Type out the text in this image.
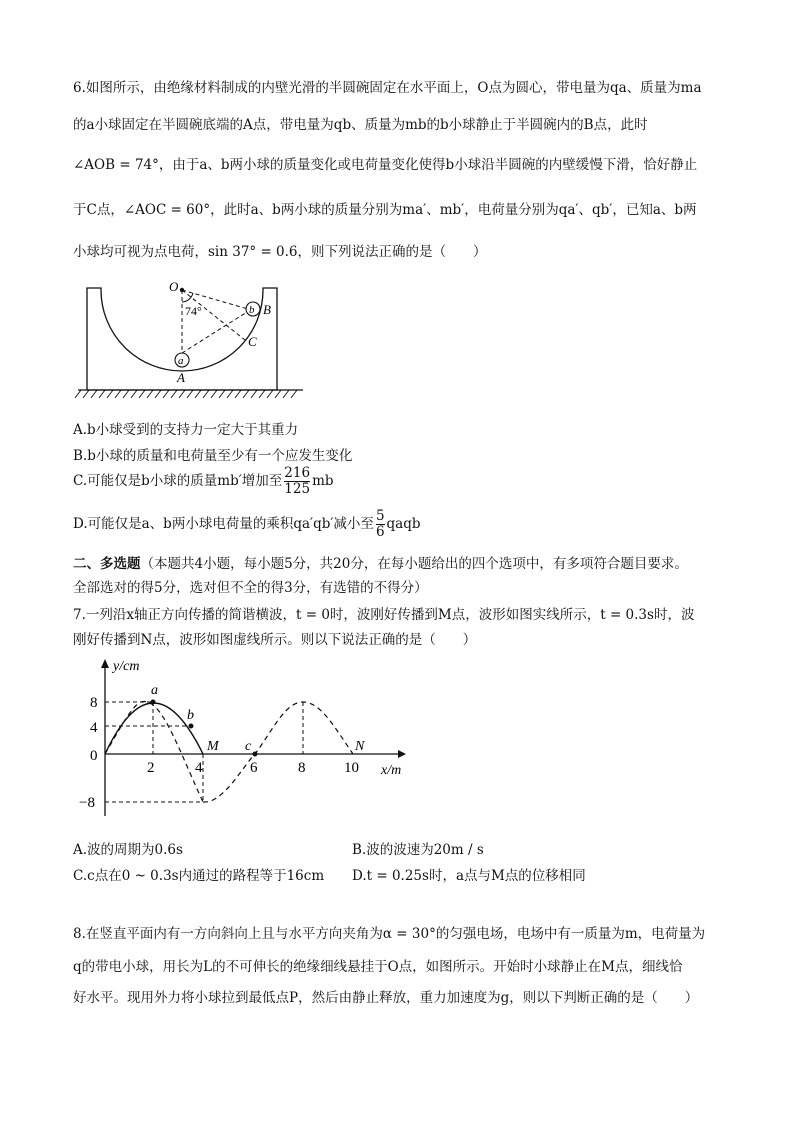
6.如图所示，由绝缘材料制成的内壁光滑的半圆碗固定在水平面上，O点为圆心，带电量为qa、质量为ma
的a小球固定在半圆碗底端的A点，带电量为qb、质量为mb的b小球静止于半圆碗内的B点，此时
∠AOB = 74°，由于a、b两小球的质量变化或电荷量变化使得b小球沿半圆碗的内壁缓慢下滑，恰好静止
于C点，∠AOC = 60°，此时a、b两小球的质量分别为ma′、mb′，电荷量分别为qa′、qb′，已知a、b两
小球均可视为点电荷，sin 37° = 0.6，则下列说法正确的是（　　）
O
74°	b B
C
a
A
A.b小球受到的支持力一定大于其重力
B.b小球的质量和电荷量至少有一个应发生变化
C.可能仅是b小球的质量mb′增加至 $\frac{216}{125}$ mb
D.可能仅是a、b两小球电荷量的乘积qa′qb′减小至 $\frac{5}{6}$ qaqb
二、多选题（本题共4小题，每小题5分，共20分，在每小题给出的四个选项中，有多项符合题目要求。
全部选对的得5分，选对但不全的得3分，有选错的不得分）
7.一列沿x轴正方向传播的简谐横波，t = 0时，波刚好传播到M点，波形如图实线所示，t = 0.3s时，波
刚好传播到N点，波形如图虚线所示。则以下说法正确的是（　　）
y/cm
x/m
0
8
4
−8
2	4	6	8	10
a
b
M c	N
A.波的周期为0.6s	B.波的波速为20m / s
C.c点在0 ~ 0.3s内通过的路程等于16cm D.t = 0.25s时，a点与M点的位移相同
8.在竖直平面内有一方向斜向上且与水平方向夹角为α = 30°的匀强电场，电场中有一质量为m，电荷量为
q的带电小球，用长为L的不可伸长的绝缘细线悬挂于O点，如图所示。开始时小球静止在M点，细线恰
好水平。现用外力将小球拉到最低点P，然后由静止释放，重力加速度为g，则以下判断正确的是（　　）
